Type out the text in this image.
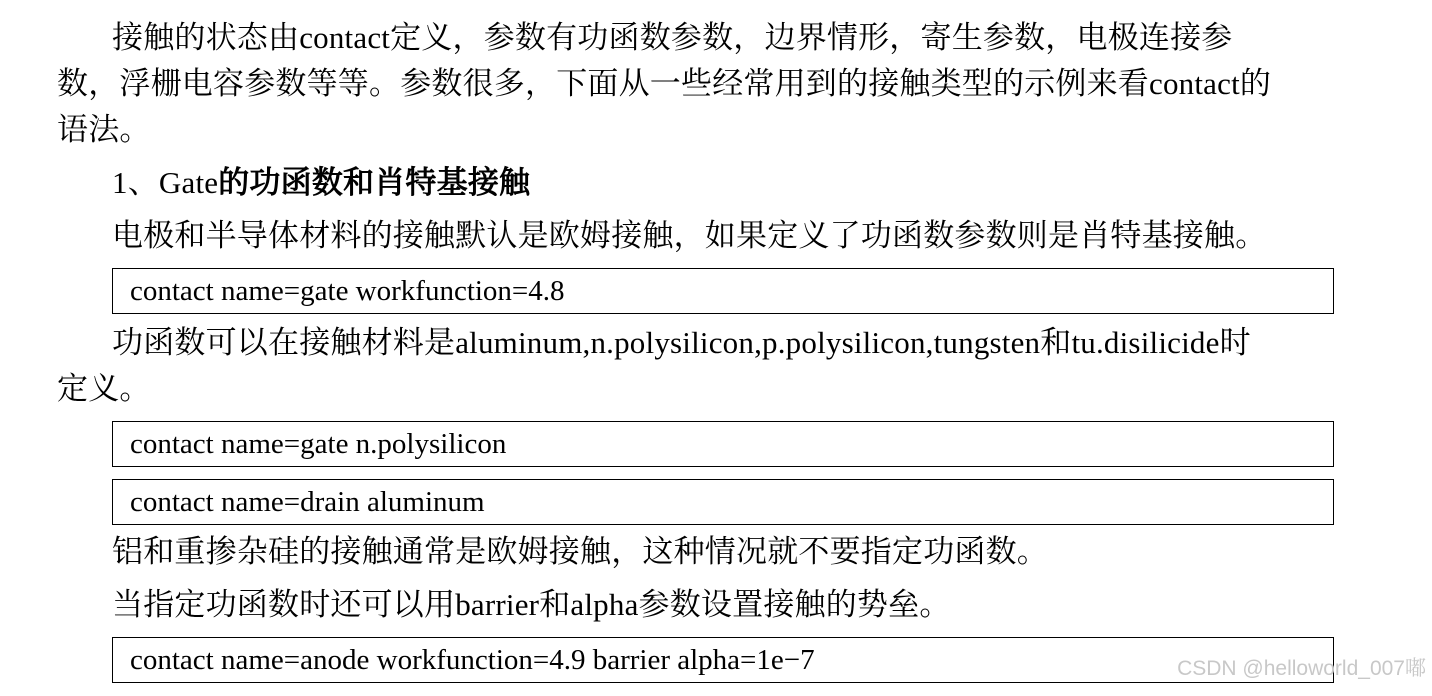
接触的状态由contact定义，参数有功函数参数，边界情形，寄生参数，电极连接参
数，浮栅电容参数等等。参数很多，下面从一些经常用到的接触类型的示例来看contact的
语法。
1、Gate的功函数和肖特基接触
电极和半导体材料的接触默认是欧姆接触，如果定义了功函数参数则是肖特基接触。
contact name=gate workfunction=4.8
功函数可以在接触材料是aluminum,n.polysilicon,p.polysilicon,tungsten和tu.disilicide时
定义。
contact name=gate n.polysilicon
contact name=drain aluminum
铝和重掺杂硅的接触通常是欧姆接触，这种情况就不要指定功函数。
当指定功函数时还可以用barrier和alpha参数设置接触的势垒。
contact name=anode workfunction=4.9 barrier alpha=1e−7	CSDN @helloworld_007嘟
